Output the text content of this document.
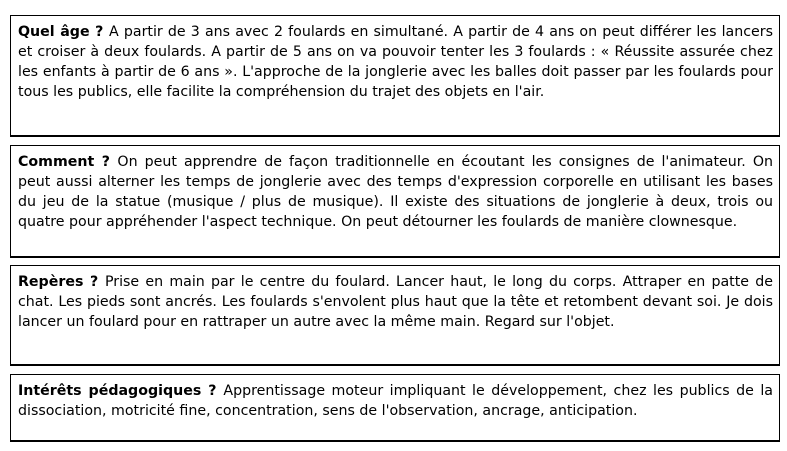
Quel âge ? A partir de 3 ans avec 2 foulards en simultané. A partir de 4 ans on peut différer les lancers et croiser à deux foulards. A partir de 5 ans on va pouvoir tenter les 3 foulards : « Réussite assurée chez les enfants à partir de 6 ans ». L'approche de la jonglerie avec les balles doit passer par les foulards pour tous les publics, elle facilite la compréhension du trajet des objets en l'air.
Comment ? On peut apprendre de façon traditionnelle en écoutant les consignes de l'animateur. On peut aussi alterner les temps de jonglerie avec des temps d'expression corporelle en utilisant les bases du jeu de la statue (musique / plus de musique). Il existe des situations de jonglerie à deux, trois ou quatre pour appréhender l'aspect technique. On peut détourner les foulards de manière clownesque.
Repères ? Prise en main par le centre du foulard. Lancer haut, le long du corps. Attraper en patte de chat. Les pieds sont ancrés. Les foulards s'envolent plus haut que la tête et retombent devant soi. Je dois lancer un foulard pour en rattraper un autre avec la même main. Regard sur l'objet.
Intérêts pédagogiques ? Apprentissage moteur impliquant le développement, chez les publics de la dissociation, motricité fine, concentration, sens de l'observation, ancrage, anticipation.
